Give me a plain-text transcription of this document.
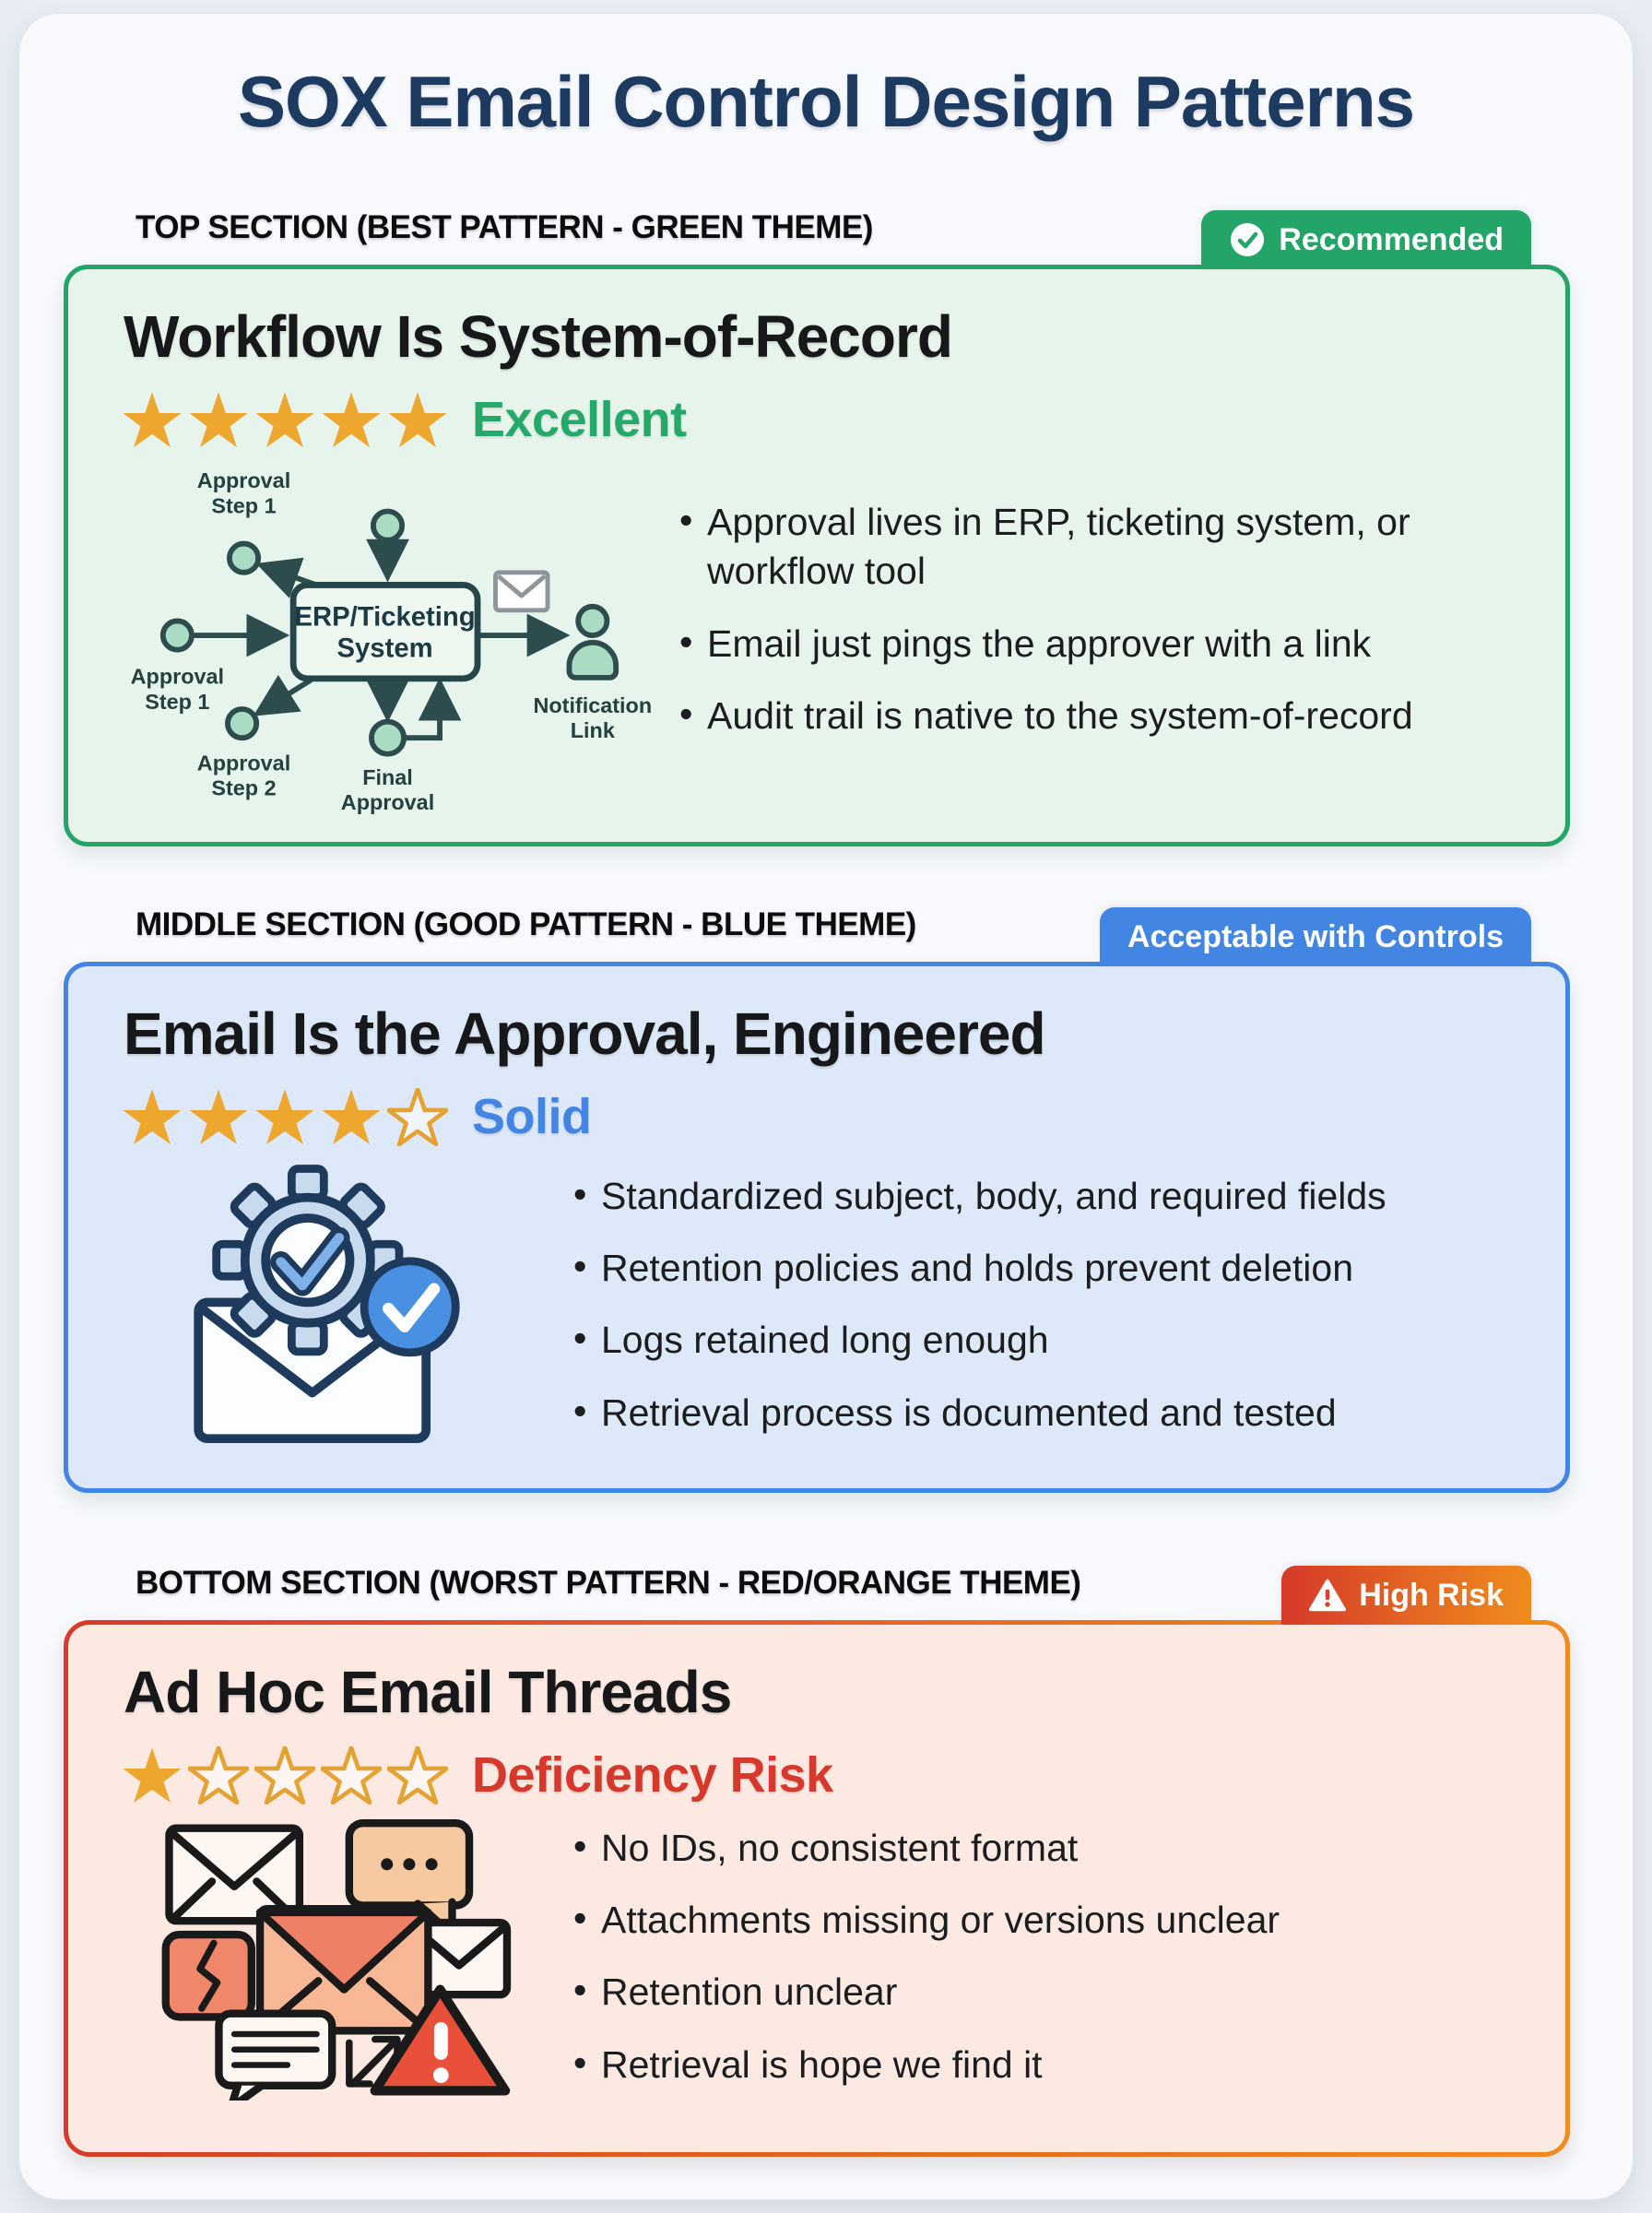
SOX Email Control Design Patterns
TOP SECTION (BEST PATTERN - GREEN THEME)	Recommended
Workflow Is System-of-Record
Excellent
Approval
Step 1
Approval
Step 1
Approval
Step 2	Final
Approval
Notification
Link
ERP/Ticketing
System
• Approval lives in ERP, ticketing system, or workflow tool
• Email just pings the approver with a link
• Audit trail is native to the system-of-record
MIDDLE SECTION (GOOD PATTERN - BLUE THEME)	Acceptable with Controls
Email Is the Approval, Engineered
Solid
• Standardized subject, body, and required fields
• Retention policies and holds prevent deletion
• Logs retained long enough
• Retrieval process is documented and tested
BOTTOM SECTION (WORST PATTERN - RED/ORANGE THEME)	High Risk
Ad Hoc Email Threads
Deficiency Risk
• No IDs, no consistent format
• Attachments missing or versions unclear
• Retention unclear
• Retrieval is hope we find it
